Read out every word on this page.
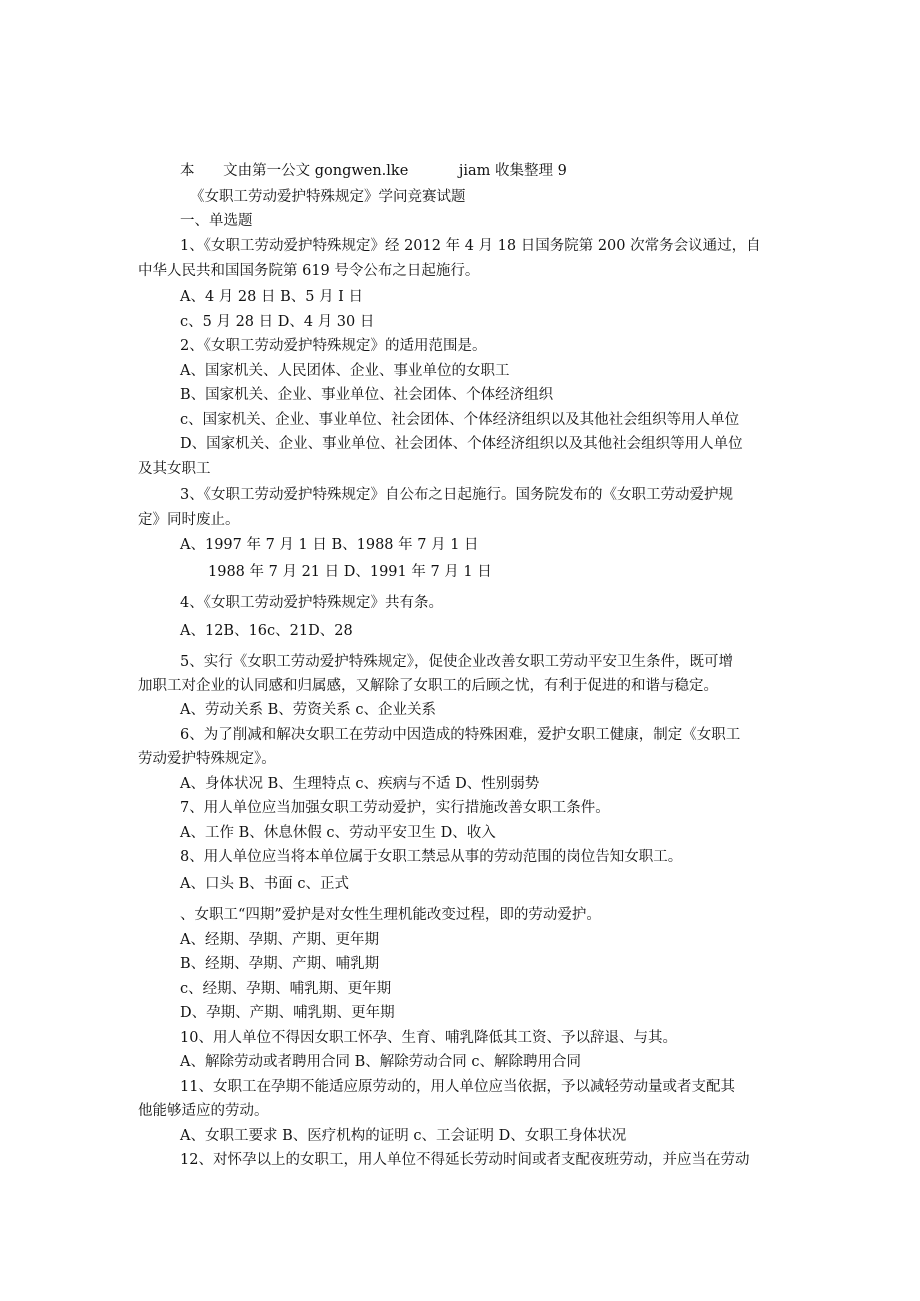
本 文由第一公文 gongwen.lke	jiam 收集整理 9
《女职工劳动爱护特殊规定》学问竞赛试题
一、单选题
1、《女职工劳动爱护特殊规定》经 2012 年 4 月 18 日国务院第 200 次常务会议通过，自
中华人民共和国国务院第 619 号令公布之日起施行。
A、4 月 28 日 B、5 月 I 日
c、5 月 28 日 D、4 月 30 日
2、《女职工劳动爱护特殊规定》的适用范围是。
A、国家机关、人民团体、企业、事业单位的女职工
B、国家机关、企业、事业单位、社会团体、个体经济组织
c、国家机关、企业、事业单位、社会团体、个体经济组织以及其他社会组织等用人单位
D、国家机关、企业、事业单位、社会团体、个体经济组织以及其他社会组织等用人单位
及其女职工
3、《女职工劳动爱护特殊规定》自公布之日起施行。国务院发布的《女职工劳动爱护规
定》同时废止。
A、1997 年 7 月 1 日 B、1988 年 7 月 1 日
1988 年 7 月 21 日 D、1991 年 7 月 1 日
4、《女职工劳动爱护特殊规定》共有条。
A、12B、16c、21D、28
5、实行《女职工劳动爱护特殊规定》，促使企业改善女职工劳动平安卫生条件，既可增
加职工对企业的认同感和归属感，又解除了女职工的后顾之忧，有利于促进的和谐与稳定。
A、劳动关系 B、劳资关系 c、企业关系
6、为了削减和解决女职工在劳动中因造成的特殊困难，爱护女职工健康，制定《女职工
劳动爱护特殊规定》。
A、身体状况 B、生理特点 c、疾病与不适 D、性别弱势
7、用人单位应当加强女职工劳动爱护，实行措施改善女职工条件。
A、工作 B、休息休假 c、劳动平安卫生 D、收入
8、用人单位应当将本单位属于女职工禁忌从事的劳动范围的岗位告知女职工。
A、口头 B、书面 c、正式
、女职工“四期”爱护是对女性生理机能改变过程，即的劳动爱护。
A、经期、孕期、产期、更年期
B、经期、孕期、产期、哺乳期
c、经期、孕期、哺乳期、更年期
D、孕期、产期、哺乳期、更年期
10、用人单位不得因女职工怀孕、生育、哺乳降低其工资、予以辞退、与其。
A、解除劳动或者聘用合同 B、解除劳动合同 c、解除聘用合同
11、女职工在孕期不能适应原劳动的，用人单位应当依据，予以减轻劳动量或者支配其
他能够适应的劳动。
A、女职工要求 B、医疗机构的证明 c、工会证明 D、女职工身体状况
12、对怀孕以上的女职工，用人单位不得延长劳动时间或者支配夜班劳动，并应当在劳动
